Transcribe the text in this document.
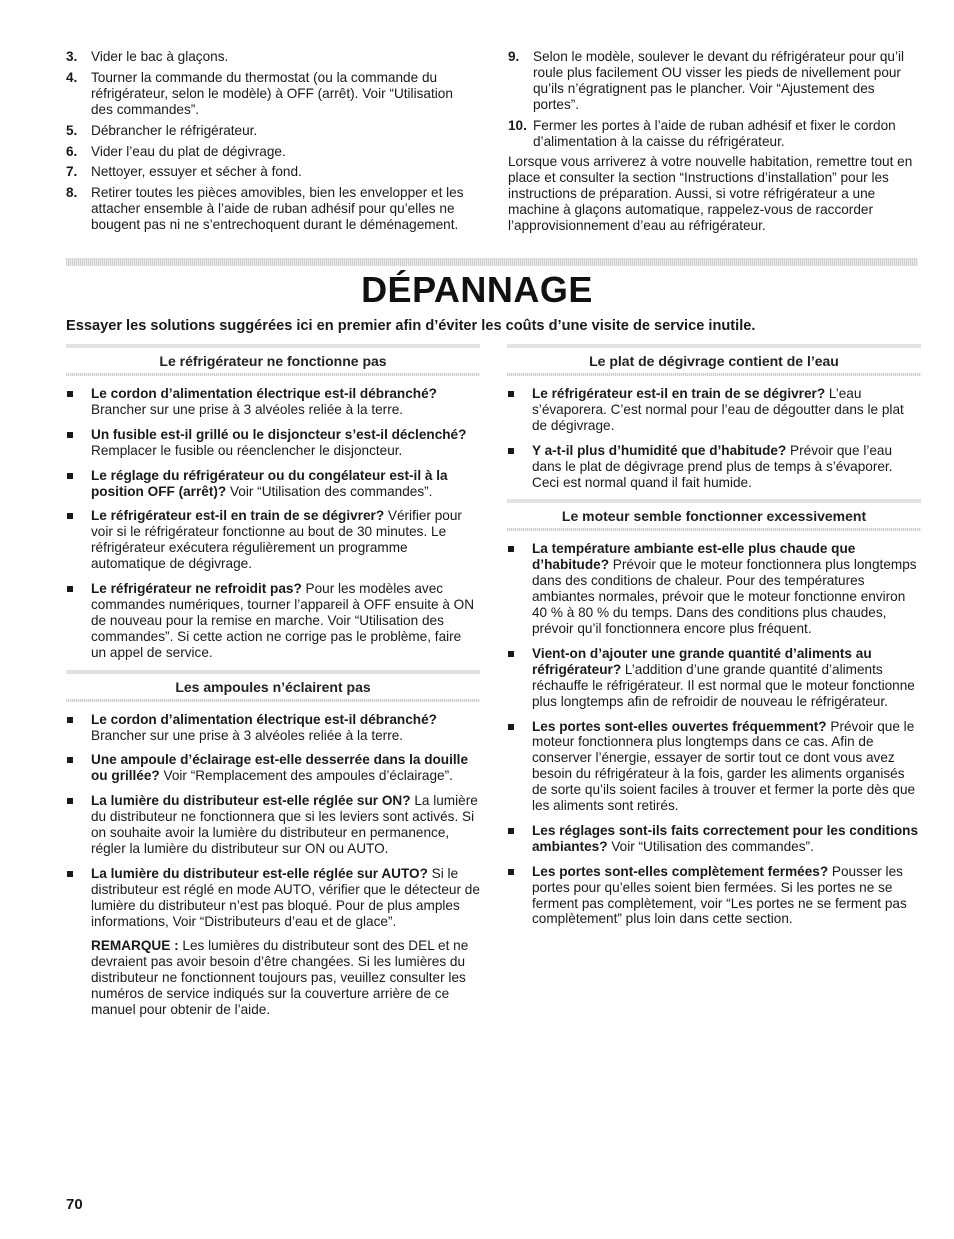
3. Vider le bac à glaçons.
4. Tourner la commande du thermostat (ou la commande du réfrigérateur, selon le modèle) à OFF (arrêt). Voir “Utilisation des commandes”.
5. Débrancher le réfrigérateur.
6. Vider l’eau du plat de dégivrage.
7. Nettoyer, essuyer et sécher à fond.
8. Retirer toutes les pièces amovibles, bien les envelopper et les attacher ensemble à l’aide de ruban adhésif pour qu’elles ne bougent pas ni ne s’entrechoquent durant le déménagement.
9. Selon le modèle, soulever le devant du réfrigérateur pour qu’il roule plus facilement OU visser les pieds de nivellement pour qu’ils n’égratignent pas le plancher. Voir “Ajustement des portes”.
10. Fermer les portes à l’aide de ruban adhésif et fixer le cordon d’alimentation à la caisse du réfrigérateur.

Lorsque vous arriverez à votre nouvelle habitation, remettre tout en place et consulter la section “Instructions d’installation” pour les instructions de préparation. Aussi, si votre réfrigérateur a une machine à glaçons automatique, rappelez-vous de raccorder l’approvisionnement d’eau au réfrigérateur.

DÉPANNAGE
Essayer les solutions suggérées ici en premier afin d’éviter les coûts d’une visite de service inutile.
Le réfrigérateur ne fonctionne pas
Le cordon d’alimentation électrique est-il débranché? Brancher sur une prise à 3 alvéoles reliée à la terre.
Un fusible est-il grillé ou le disjoncteur s’est-il déclenché? Remplacer le fusible ou réenclencher le disjoncteur.
Le réglage du réfrigérateur ou du congélateur est-il à la position OFF (arrêt)? Voir “Utilisation des commandes”.
Le réfrigérateur est-il en train de se dégivrer? Vérifier pour voir si le réfrigérateur fonctionne au bout de 30 minutes. Le réfrigérateur exécutera régulièrement un programme automatique de dégivrage.
Le réfrigérateur ne refroidit pas? Pour les modèles avec commandes numériques, tourner l’appareil à OFF ensuite à ON de nouveau pour la remise en marche. Voir “Utilisation des commandes”. Si cette action ne corrige pas le problème, faire un appel de service.
Les ampoules n’éclairent pas
Le cordon d’alimentation électrique est-il débranché? Brancher sur une prise à 3 alvéoles reliée à la terre.
Une ampoule d’éclairage est-elle desserrée dans la douille ou grillée? Voir “Remplacement des ampoules d’éclairage”.
La lumière du distributeur est-elle réglée sur ON? La lumière du distributeur ne fonctionnera que si les leviers sont activés. Si on souhaite avoir la lumière du distributeur en permanence, régler la lumière du distributeur sur ON ou AUTO.
La lumière du distributeur est-elle réglée sur AUTO? Si le distributeur est réglé en mode AUTO, vérifier que le détecteur de lumière du distributeur n’est pas bloqué. Pour de plus amples informations, Voir “Distributeurs d’eau et de glace”.

REMARQUE : Les lumières du distributeur sont des DEL et ne devraient pas avoir besoin d’être changées. Si les lumières du distributeur ne fonctionnent toujours pas, veuillez consulter les numéros de service indiqués sur la couverture arrière de ce manuel pour obtenir de l’aide.

Le plat de dégivrage contient de l’eau
Le réfrigérateur est-il en train de se dégivrer? L’eau s’évaporera. C’est normal pour l’eau de dégoutter dans le plat de dégivrage.
Y a-t-il plus d’humidité que d’habitude? Prévoir que l’eau dans le plat de dégivrage prend plus de temps à s’évaporer. Ceci est normal quand il fait humide.
Le moteur semble fonctionner excessivement
La température ambiante est-elle plus chaude que d’habitude? Prévoir que le moteur fonctionnera plus longtemps dans des conditions de chaleur. Pour des températures ambiantes normales, prévoir que le moteur fonctionne environ 40 % à 80 % du temps. Dans des conditions plus chaudes, prévoir qu’il fonctionnera encore plus fréquent.
Vient-on d’ajouter une grande quantité d’aliments au réfrigérateur? L’addition d’une grande quantité d’aliments réchauffe le réfrigérateur. Il est normal que le moteur fonctionne plus longtemps afin de refroidir de nouveau le réfrigérateur.
Les portes sont-elles ouvertes fréquemment? Prévoir que le moteur fonctionnera plus longtemps dans ce cas. Afin de conserver l’énergie, essayer de sortir tout ce dont vous avez besoin du réfrigérateur à la fois, garder les aliments organisés de sorte qu’ils soient faciles à trouver et fermer la porte dès que les aliments sont retirés.
Les réglages sont-ils faits correctement pour les conditions ambiantes? Voir “Utilisation des commandes”.
Les portes sont-elles complètement fermées? Pousser les portes pour qu’elles soient bien fermées. Si les portes ne se ferment pas complètement, voir “Les portes ne se ferment pas complètement” plus loin dans cette section.
70
